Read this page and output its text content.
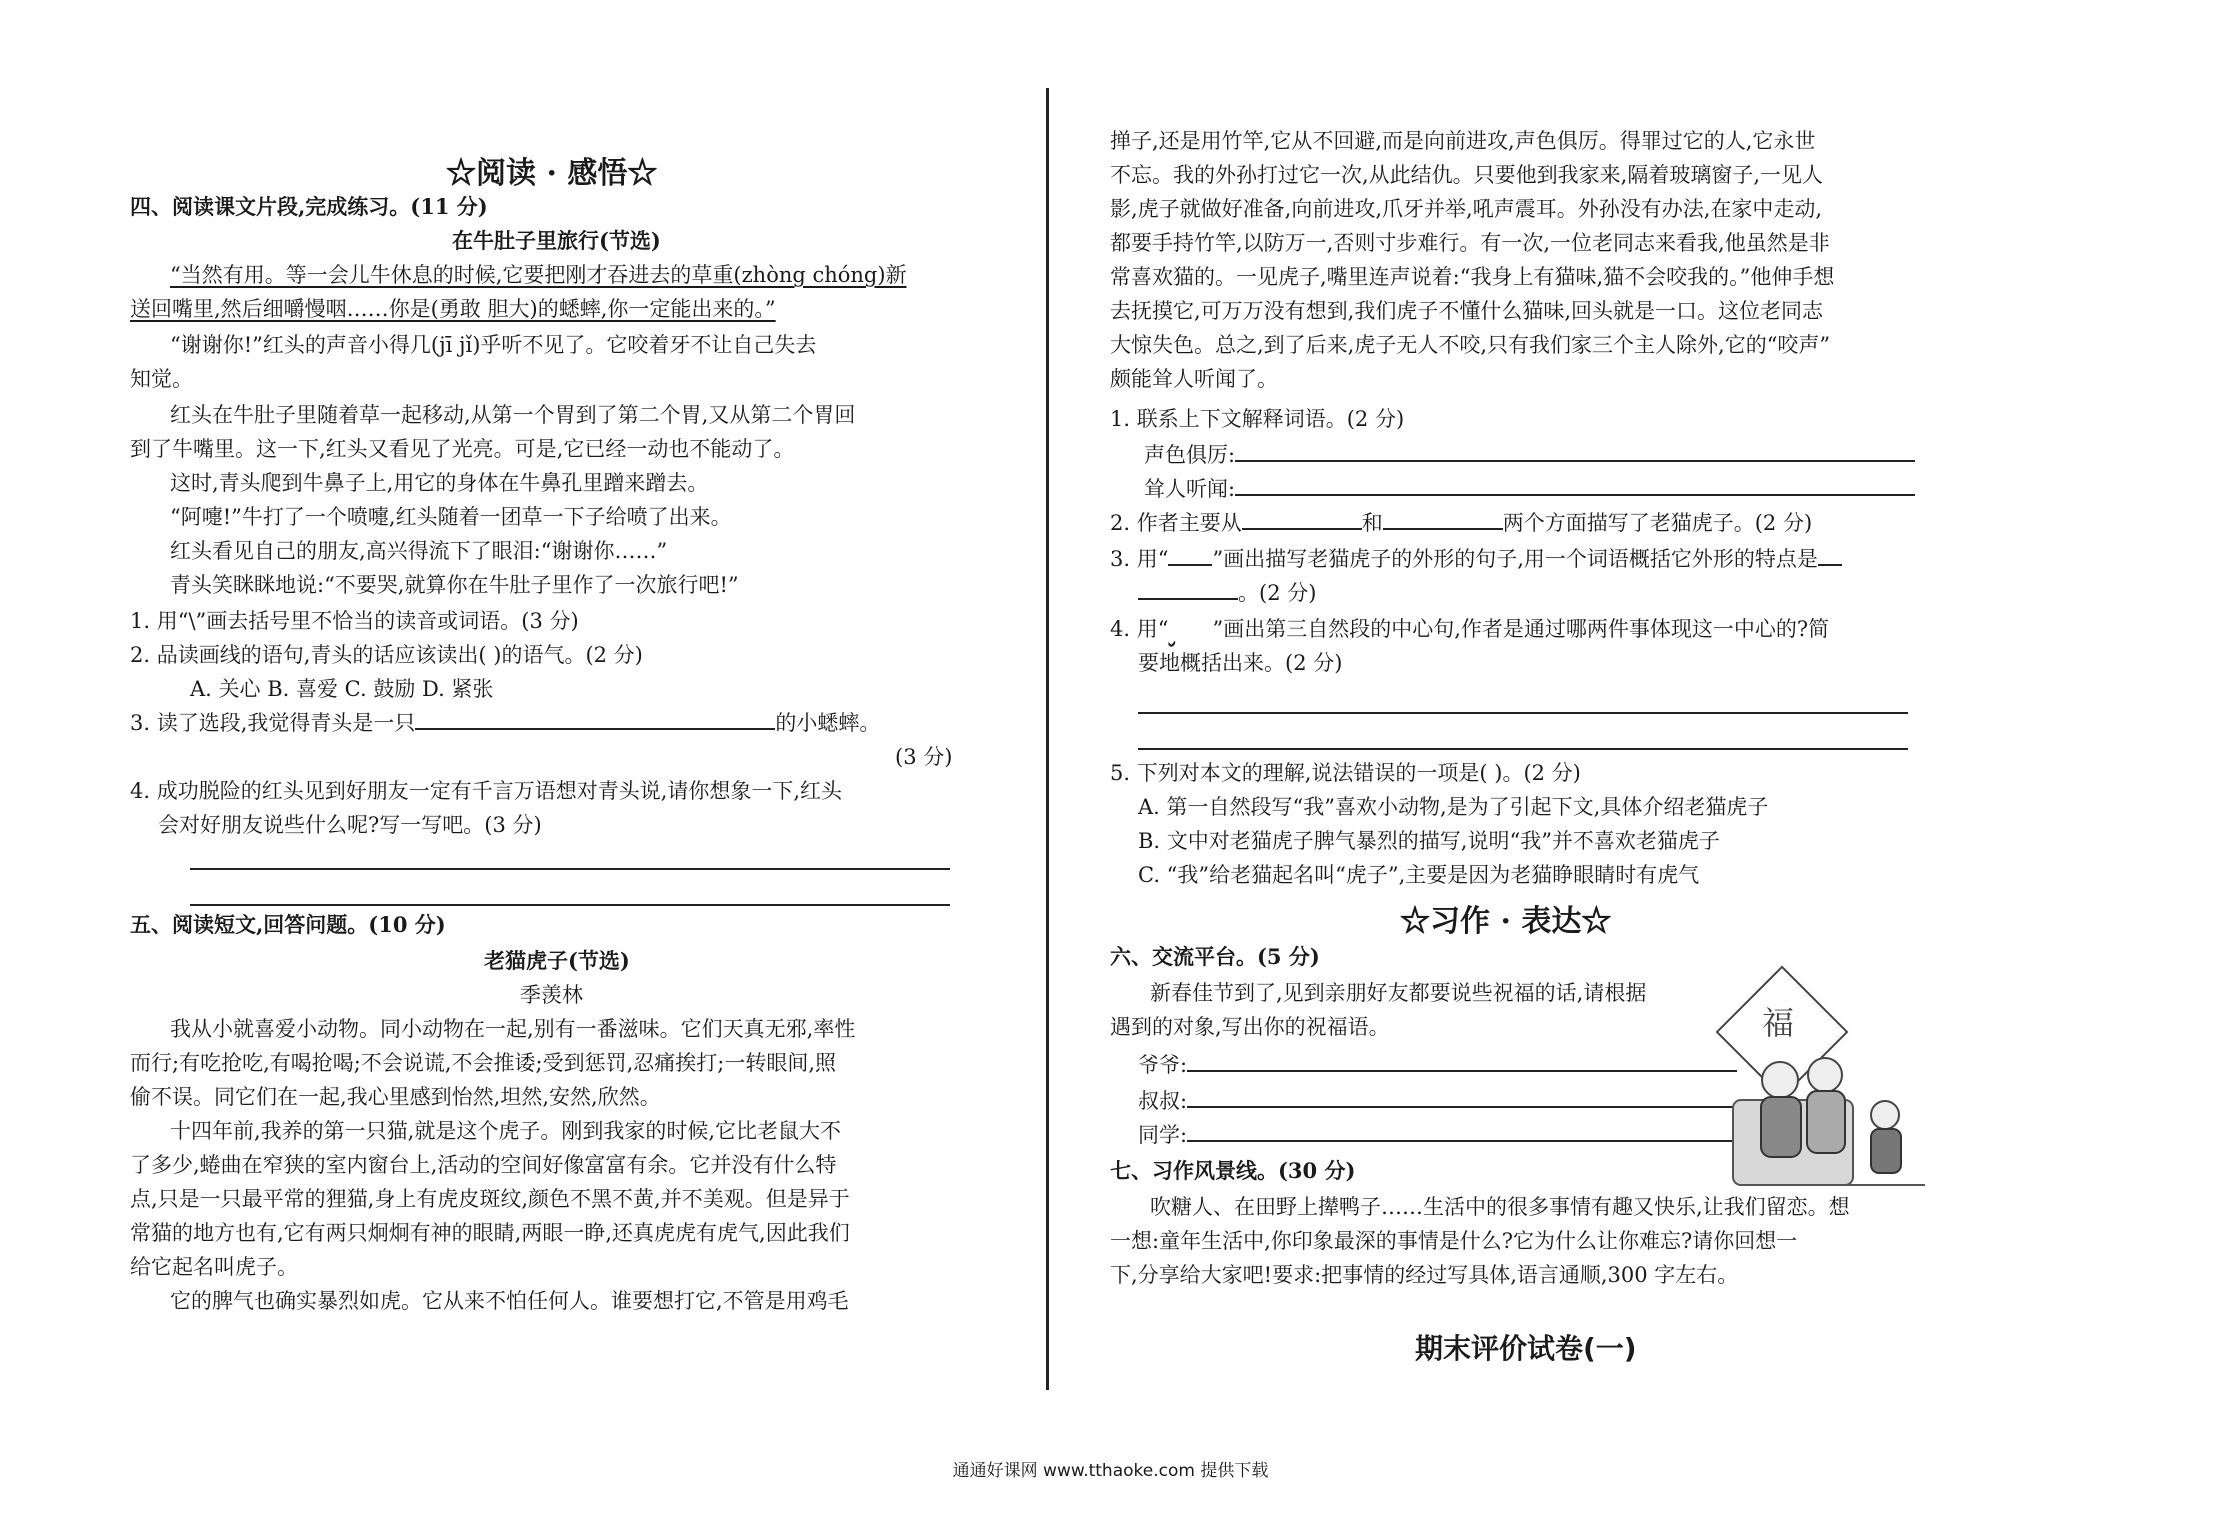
☆阅读 · 感悟☆
四、阅读课文片段,完成练习。(11 分)
在牛肚子里旅行(节选)
“当然有用。等一会儿牛休息的时候,它要把刚才吞进去的草重(zhòng chóng)新
送回嘴里,然后细嚼慢咽……你是(勇敢 胆大)的蟋蟀,你一定能出来的。”
“谢谢你!”红头的声音小得几(jī jǐ)乎听不见了。它咬着牙不让自己失去
知觉。
红头在牛肚子里随着草一起移动,从第一个胃到了第二个胃,又从第二个胃回
到了牛嘴里。这一下,红头又看见了光亮。可是,它已经一动也不能动了。
这时,青头爬到牛鼻子上,用它的身体在牛鼻孔里蹭来蹭去。
“阿嚏!”牛打了一个喷嚏,红头随着一团草一下子给喷了出来。
红头看见自己的朋友,高兴得流下了眼泪:“谢谢你……”
青头笑眯眯地说:“不要哭,就算你在牛肚子里作了一次旅行吧!”
1. 用“\”画去括号里不恰当的读音或词语。(3 分)
2. 品读画线的语句,青头的话应该读出( )的语气。(2 分)
A. 关心 B. 喜爱 C. 鼓励 D. 紧张
3. 读了选段,我觉得青头是一只	的小蟋蟀。
(3 分)
4. 成功脱险的红头见到好朋友一定有千言万语想对青头说,请你想象一下,红头
会对好朋友说些什么呢?写一写吧。(3 分)
五、阅读短文,回答问题。(10 分)
老猫虎子(节选)
季羡林
我从小就喜爱小动物。同小动物在一起,别有一番滋味。它们天真无邪,率性
而行;有吃抢吃,有喝抢喝;不会说谎,不会推诿;受到惩罚,忍痛挨打;一转眼间,照
偷不误。同它们在一起,我心里感到怡然,坦然,安然,欣然。
十四年前,我养的第一只猫,就是这个虎子。刚到我家的时候,它比老鼠大不
了多少,蜷曲在窄狭的室内窗台上,活动的空间好像富富有余。它并没有什么特
点,只是一只最平常的狸猫,身上有虎皮斑纹,颜色不黑不黄,并不美观。但是异于
常猫的地方也有,它有两只炯炯有神的眼睛,两眼一睁,还真虎虎有虎气,因此我们
给它起名叫虎子。
它的脾气也确实暴烈如虎。它从来不怕任何人。谁要想打它,不管是用鸡毛
掸子,还是用竹竿,它从不回避,而是向前进攻,声色俱厉。得罪过它的人,它永世
不忘。我的外孙打过它一次,从此结仇。只要他到我家来,隔着玻璃窗子,一见人
影,虎子就做好准备,向前进攻,爪牙并举,吼声震耳。外孙没有办法,在家中走动,
都要手持竹竿,以防万一,否则寸步难行。有一次,一位老同志来看我,他虽然是非
常喜欢猫的。一见虎子,嘴里连声说着:“我身上有猫味,猫不会咬我的。”他伸手想
去抚摸它,可万万没有想到,我们虎子不懂什么猫味,回头就是一口。这位老同志
大惊失色。总之,到了后来,虎子无人不咬,只有我们家三个主人除外,它的“咬声”
颇能耸人听闻了。
1. 联系上下文解释词语。(2 分)
声色俱厉:
耸人听闻:
2. 作者主要从	和	两个方面描写了老猫虎子。(2 分)
3. 用“ ”画出描写老猫虎子的外形的句子,用一个词语概括它外形的特点是
。(2 分)
4. 用“ ”画出第三自然段的中心句,作者是通过哪两件事体现这一中心的?简
要地概括出来。(2 分)
5. 下列对本文的理解,说法错误的一项是( )。(2 分)
A. 第一自然段写“我”喜欢小动物,是为了引起下文,具体介绍老猫虎子
B. 文中对老猫虎子脾气暴烈的描写,说明“我”并不喜欢老猫虎子
C. “我”给老猫起名叫“虎子”,主要是因为老猫睁眼睛时有虎气
☆习作 · 表达☆
六、交流平台。(5 分)
新春佳节到了,见到亲朋好友都要说些祝福的话,请根据
遇到的对象,写出你的祝福语。
爷爷:
叔叔:
同学:
七、习作风景线。(30 分)
吹糖人、在田野上撵鸭子……生活中的很多事情有趣又快乐,让我们留恋。想
一想:童年生活中,你印象最深的事情是什么?它为什么让你难忘?请你回想一
下,分享给大家吧!要求:把事情的经过写具体,语言通顺,300 字左右。
福
期末评价试卷(一)
通通好课网 www.tthaoke.com 提供下载
